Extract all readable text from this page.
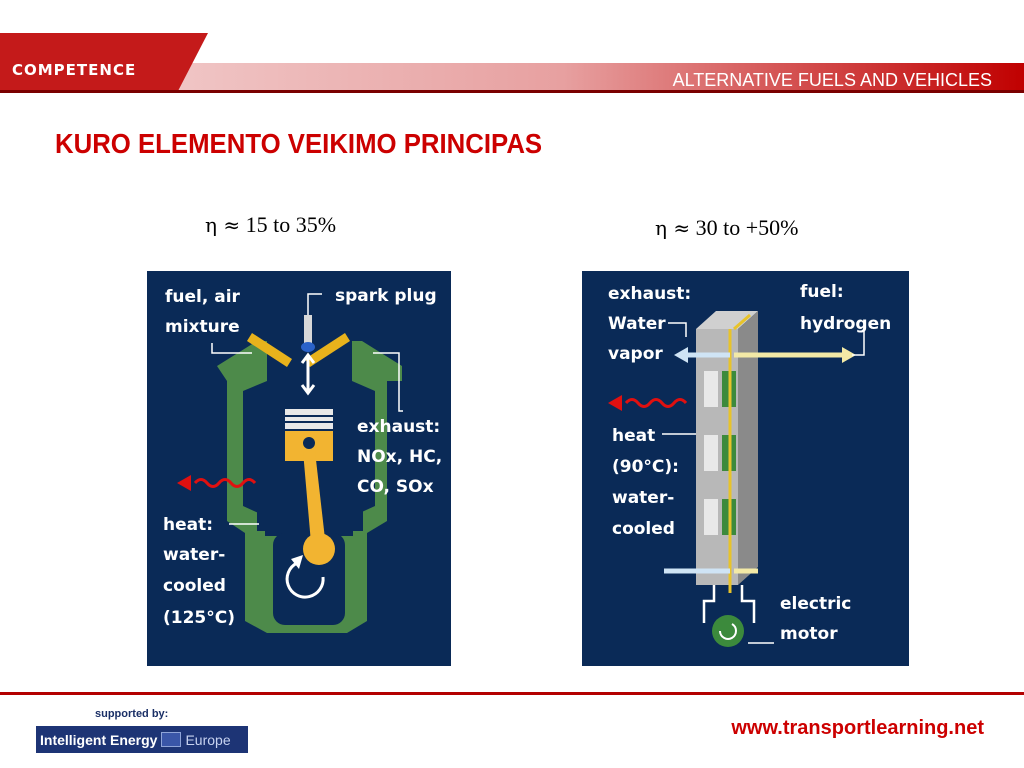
COMPETENCE	ALTERNATIVE FUELS AND VEHICLES
KURO ELEMENTO VEIKIMO PRINCIPAS
η ≈ 15 to 35%	η ≈ 30 to +50%
fuel, air
mixture
spark plug
exhaust:
NOx, HC,
CO, SOx
heat:
water-
cooled
(125°C)
exhaust:
Water
vapor
fuel:
hydrogen
heat
(90°C):
water-
cooled
electric
motor
supported by:
Intelligent Energy Europe
www.transportlearning.net
